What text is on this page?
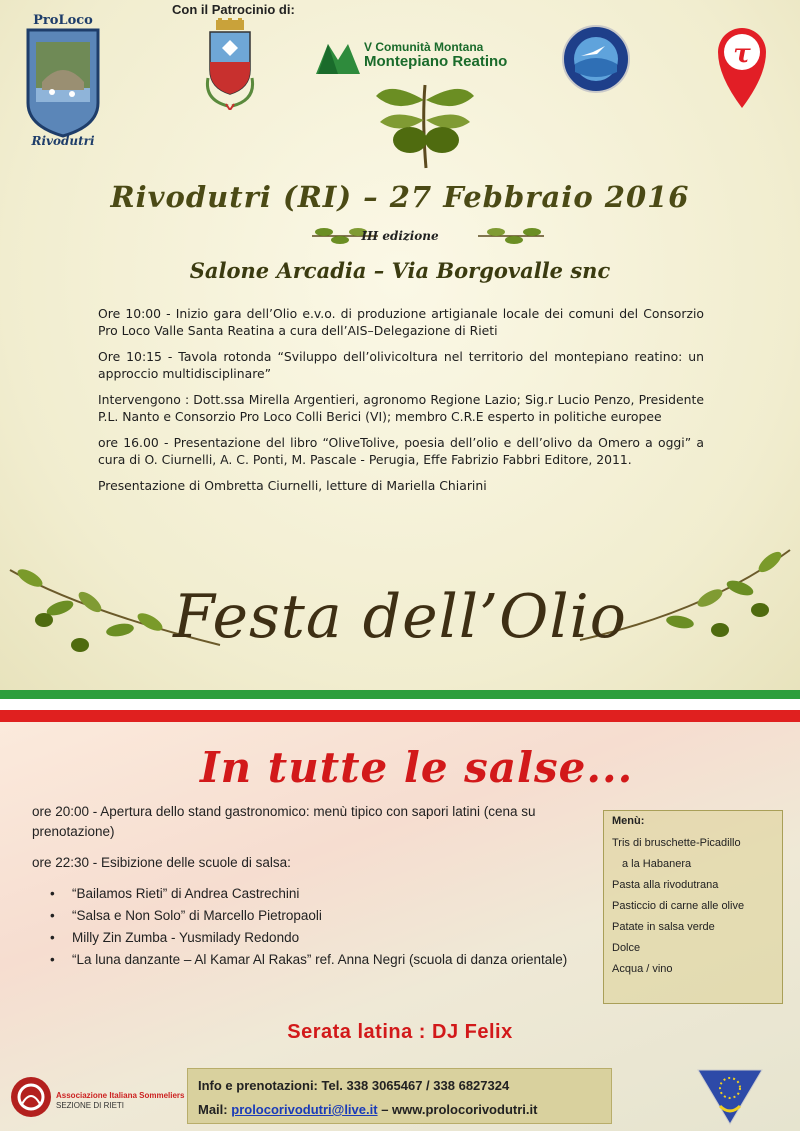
ProLoco
Rivodutri
Con il Patrocinio di:
V Comunità Montana
Montepiano Reatino	τ
Rivodutri (RI) – 27 Febbraio 2016
III edizione
Salone Arcadia – Via Borgovalle snc

Ore 10:00 - Inizio gara dell’Olio e.v.o. di produzione artigianale locale dei comuni del Consorzio Pro Loco Valle Santa Reatina a cura dell’AIS–Delegazione di Rieti

Ore 10:15 - Tavola rotonda “Sviluppo dell’olivicoltura nel territorio del montepiano reatino: un approccio multidisciplinare”

Intervengono : Dott.ssa Mirella Argentieri, agronomo Regione Lazio; Sig.r Lucio Penzo, Presidente P.L. Nanto e Consorzio Pro Loco Colli Berici (VI); membro C.R.E esperto in politiche europee

ore 16.00 - Presentazione del libro “OliveTolive, poesia dell’olio e dell’olivo da Omero a oggi” a cura di O. Ciurnelli, A. C. Ponti, M. Pascale - Perugia, Effe Fabrizio Fabbri Editore, 2011.

Presentazione di Ombretta Ciurnelli, letture di Mariella Chiarini

Festa dell’Olio
In tutte le salse...

ore 20:00 - Apertura dello stand gastronomico: menù tipico con sapori latini (cena su prenotazione)

ore 22:30 - Esibizione delle scuole di salsa:

• “Bailamos Rieti” di Andrea Castrechini
• “Salsa e Non Solo” di Marcello Pietropaoli
• Milly Zin Zumba - Yusmilady Redondo
• “La luna danzante – Al Kamar Al Rakas” ref. Anna Negri (scuola di danza orientale)
Menù:
Tris di bruschette-Picadillo
a la Habanera
Pasta alla rivodutrana
Pasticcio di carne alle olive
Patate in salsa verde
Dolce
Acqua / vino
Serata latina : DJ Felix
Associazione Italiana Sommeliers
SEZIONE DI RIETI
Info e prenotazioni: Tel. 338 3065467 / 338 6827324
Mail: prolocorivodutri@live.it – www.prolocorivodutri.it
